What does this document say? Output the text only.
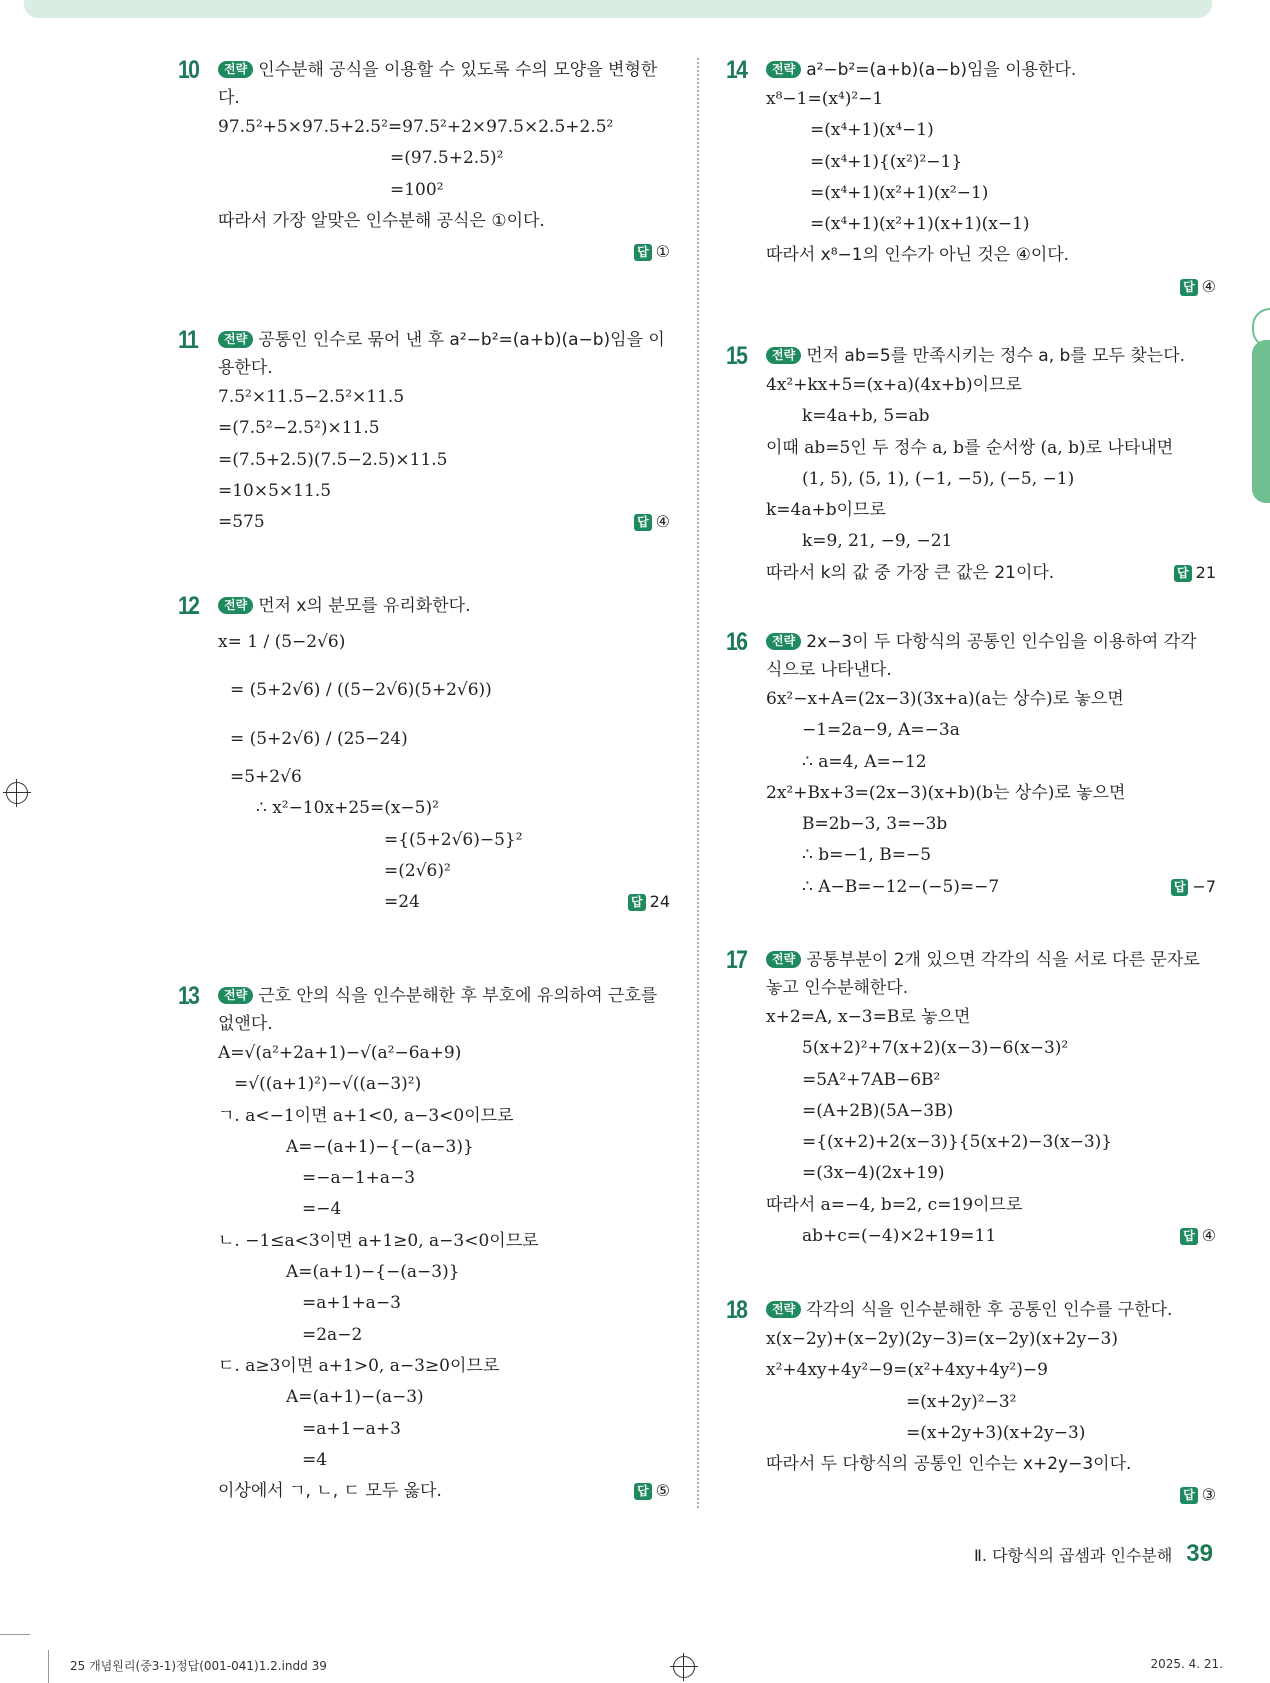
10	전략 인수분해 공식을 이용할 수 있도록 수의 모양을 변형한다.
97.5²+5×97.5+2.5²=97.5²+2×97.5×2.5+2.5²
=(97.5+2.5)²
=100²
따라서 가장 알맞은 인수분해 공식은 ①이다.
답 ①
11	전략 공통인 인수로 묶어 낸 후 a²−b²=(a+b)(a−b)임을 이용한다.
7.5²×11.5−2.5²×11.5
=(7.5²−2.5²)×11.5
=(7.5+2.5)(7.5−2.5)×11.5
=10×5×11.5
=575	답 ④
12	전략 먼저 x의 분모를 유리화한다.
x= 1 / (5−2√6)
= (5+2√6) / ((5−2√6)(5+2√6))
= (5+2√6) / (25−24)
=5+2√6
∴ x²−10x+25=(x−5)²
={(5+2√6)−5}²
=(2√6)²
=24	답 24
13	전략 근호 안의 식을 인수분해한 후 부호에 유의하여 근호를 없앤다.
A=√(a²+2a+1)−√(a²−6a+9)
=√((a+1)²)−√((a−3)²)
ㄱ. a<−1이면 a+1<0, a−3<0이므로
A=−(a+1)−{−(a−3)}
=−a−1+a−3
=−4
ㄴ. −1≤a<3이면 a+1≥0, a−3<0이므로
A=(a+1)−{−(a−3)}
=a+1+a−3
=2a−2
ㄷ. a≥3이면 a+1>0, a−3≥0이므로
A=(a+1)−(a−3)
=a+1−a+3
=4
이상에서 ㄱ, ㄴ, ㄷ 모두 옳다.	답 ⑤
14	전략 a²−b²=(a+b)(a−b)임을 이용한다.
x⁸−1=(x⁴)²−1
=(x⁴+1)(x⁴−1)
=(x⁴+1){(x²)²−1}
=(x⁴+1)(x²+1)(x²−1)
=(x⁴+1)(x²+1)(x+1)(x−1)
따라서 x⁸−1의 인수가 아닌 것은 ④이다.
답 ④
15	전략 먼저 ab=5를 만족시키는 정수 a, b를 모두 찾는다.
4x²+kx+5=(x+a)(4x+b)이므로
k=4a+b, 5=ab
이때 ab=5인 두 정수 a, b를 순서쌍 (a, b)로 나타내면
(1, 5), (5, 1), (−1, −5), (−5, −1)
k=4a+b이므로
k=9, 21, −9, −21
따라서 k의 값 중 가장 큰 값은 21이다.	답 21
16	전략 2x−3이 두 다항식의 공통인 인수임을 이용하여 각각 식으로 나타낸다.
6x²−x+A=(2x−3)(3x+a)(a는 상수)로 놓으면
−1=2a−9, A=−3a
∴ a=4, A=−12
2x²+Bx+3=(2x−3)(x+b)(b는 상수)로 놓으면
B=2b−3, 3=−3b
∴ b=−1, B=−5
∴ A−B=−12−(−5)=−7	답 −7
17	전략 공통부분이 2개 있으면 각각의 식을 서로 다른 문자로 놓고 인수분해한다.
x+2=A, x−3=B로 놓으면
5(x+2)²+7(x+2)(x−3)−6(x−3)²
=5A²+7AB−6B²
=(A+2B)(5A−3B)
={(x+2)+2(x−3)}{5(x+2)−3(x−3)}
=(3x−4)(2x+19)
따라서 a=−4, b=2, c=19이므로
ab+c=(−4)×2+19=11	답 ④
18	전략 각각의 식을 인수분해한 후 공통인 인수를 구한다.
x(x−2y)+(x−2y)(2y−3)=(x−2y)(x+2y−3)
x²+4xy+4y²−9=(x²+4xy+4y²)−9
=(x+2y)²−3²
=(x+2y+3)(x+2y−3)
따라서 두 다항식의 공통인 인수는 x+2y−3이다.
답 ③
Ⅱ. 다항식의 곱셈과 인수분해 39
25 개념원리(중3-1)정답(001-041)1.2.indd 39	2025. 4. 21.
